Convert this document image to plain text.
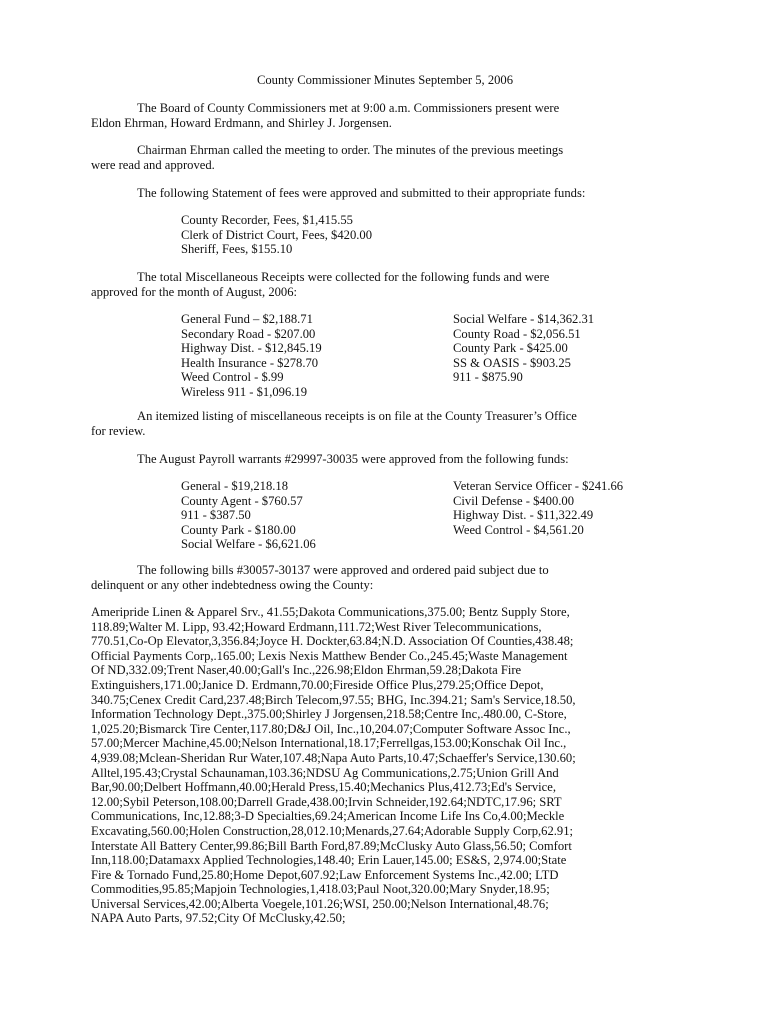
County Commissioner Minutes September 5, 2006
The Board of County Commissioners met at 9:00 a.m. Commissioners present were
Eldon Ehrman, Howard Erdmann, and Shirley J. Jorgensen.
Chairman Ehrman called the meeting to order. The minutes of the previous meetings
were read and approved.
The following Statement of fees were approved and submitted to their appropriate funds:
County Recorder, Fees, $1,415.55
Clerk of District Court, Fees, $420.00
Sheriff, Fees, $155.10
The total Miscellaneous Receipts were collected for the following funds and were
approved for the month of August, 2006:
General Fund – $2,188.71
Secondary Road - $207.00
Highway Dist. - $12,845.19
Health Insurance - $278.70
Weed Control - $.99
Wireless 911 - $1,096.19
Social Welfare - $14,362.31
County Road - $2,056.51
County Park - $425.00
SS & OASIS - $903.25
911 - $875.90
An itemized listing of miscellaneous receipts is on file at the County Treasurer’s Office
for review.
The August Payroll warrants #29997-30035 were approved from the following funds:
General - $19,218.18
County Agent - $760.57
911 - $387.50
County Park - $180.00
Social Welfare - $6,621.06
Veteran Service Officer - $241.66
Civil Defense - $400.00
Highway Dist. - $11,322.49
Weed Control - $4,561.20
The following bills #30057-30137 were approved and ordered paid subject due to
delinquent or any other indebtedness owing the County:
Ameripride Linen & Apparel Srv., 41.55;Dakota Communications,375.00; Bentz Supply Store,
118.89;Walter M. Lipp, 93.42;Howard Erdmann,111.72;West River Telecommunications,
770.51,Co-Op Elevator,3,356.84;Joyce H. Dockter,63.84;N.D. Association Of Counties,438.48;
Official Payments Corp,.165.00; Lexis Nexis Matthew Bender Co.,245.45;Waste Management
Of ND,332.09;Trent Naser,40.00;Gall's Inc.,226.98;Eldon Ehrman,59.28;Dakota Fire
Extinguishers,171.00;Janice D. Erdmann,70.00;Fireside Office Plus,279.25;Office Depot,
340.75;Cenex Credit Card,237.48;Birch Telecom,97.55; BHG, Inc.394.21; Sam's Service,18.50,
Information Technology Dept.,375.00;Shirley J Jorgensen,218.58;Centre Inc,.480.00, C-Store,
1,025.20;Bismarck Tire Center,117.80;D&J Oil, Inc.,10,204.07;Computer Software Assoc Inc.,
57.00;Mercer Machine,45.00;Nelson International,18.17;Ferrellgas,153.00;Konschak Oil Inc.,
4,939.08;Mclean-Sheridan Rur Water,107.48;Napa Auto Parts,10.47;Schaeffer's Service,130.60;
Alltel,195.43;Crystal Schaunaman,103.36;NDSU Ag Communications,2.75;Union Grill And
Bar,90.00;Delbert Hoffmann,40.00;Herald Press,15.40;Mechanics Plus,412.73;Ed's Service,
12.00;Sybil Peterson,108.00;Darrell Grade,438.00;Irvin Schneider,192.64;NDTC,17.96; SRT
Communications, Inc,12.88;3-D Specialties,69.24;American Income Life Ins Co,4.00;Meckle
Excavating,560.00;Holen Construction,28,012.10;Menards,27.64;Adorable Supply Corp,62.91;
Interstate All Battery Center,99.86;Bill Barth Ford,87.89;McClusky Auto Glass,56.50; Comfort
Inn,118.00;Datamaxx Applied Technologies,148.40; Erin Lauer,145.00; ES&S, 2,974.00;State
Fire & Tornado Fund,25.80;Home Depot,607.92;Law Enforcement Systems Inc.,42.00; LTD
Commodities,95.85;Mapjoin Technologies,1,418.03;Paul Noot,320.00;Mary Snyder,18.95;
Universal Services,42.00;Alberta Voegele,101.26;WSI, 250.00;Nelson International,48.76;
NAPA Auto Parts, 97.52;City Of McClusky,42.50;
